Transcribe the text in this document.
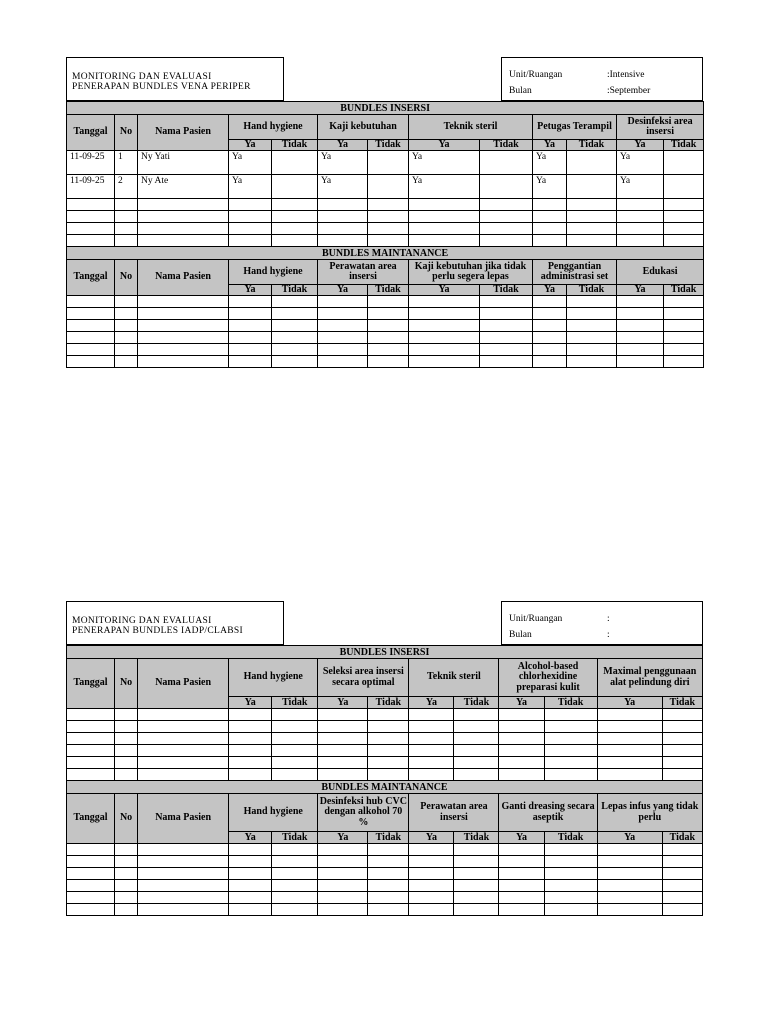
MONITORING DAN EVALUASI
PENERAPAN BUNDLES VENA PERIPER
Unit/Ruangan	:Intensive
Bulan	:September
BUNDLES INSERSI												
Tanggal	No	Nama Pasien	Hand hygiene		Kaji kebutuhan		Teknik steril		Petugas Terampil		Desinfeksi area insersi	
			Ya	Tidak	Ya	Tidak	Ya	Tidak	Ya	Tidak	Ya	Tidak
11-09-25	1	Ny Yati	Ya		Ya		Ya		Ya		Ya	
11-09-25	2	Ny Ate	Ya		Ya		Ya		Ya		Ya	

BUNDLES MAINTANANCE												
Tanggal	No	Nama Pasien	Hand hygiene		Perawatan area insersi		Kaji kebutuhan jika tidak perlu segera lepas		Penggantian administrasi set		Edukasi	
			Ya	Tidak	Ya	Tidak	Ya	Tidak	Ya	Tidak	Ya	Tidak

MONITORING DAN EVALUASI
PENERAPAN BUNDLES IADP/CLABSI
Unit/Ruangan	:
Bulan	:
BUNDLES INSERSI												
Tanggal	No	Nama Pasien	Hand hygiene		Seleksi area insersi secara optimal		Teknik steril		Alcohol-based chlorhexidine preparasi kulit		Maximal penggunaan alat pelindung diri	
			Ya	Tidak	Ya	Tidak	Ya	Tidak	Ya	Tidak	Ya	Tidak

BUNDLES MAINTANANCE												
Tanggal	No	Nama Pasien	Hand hygiene		Desinfeksi hub CVC dengan alkohol 70 %		Perawatan area insersi		Ganti dreasing secara aseptik		Lepas infus yang tidak perlu	
			Ya	Tidak	Ya	Tidak	Ya	Tidak	Ya	Tidak	Ya	Tidak
